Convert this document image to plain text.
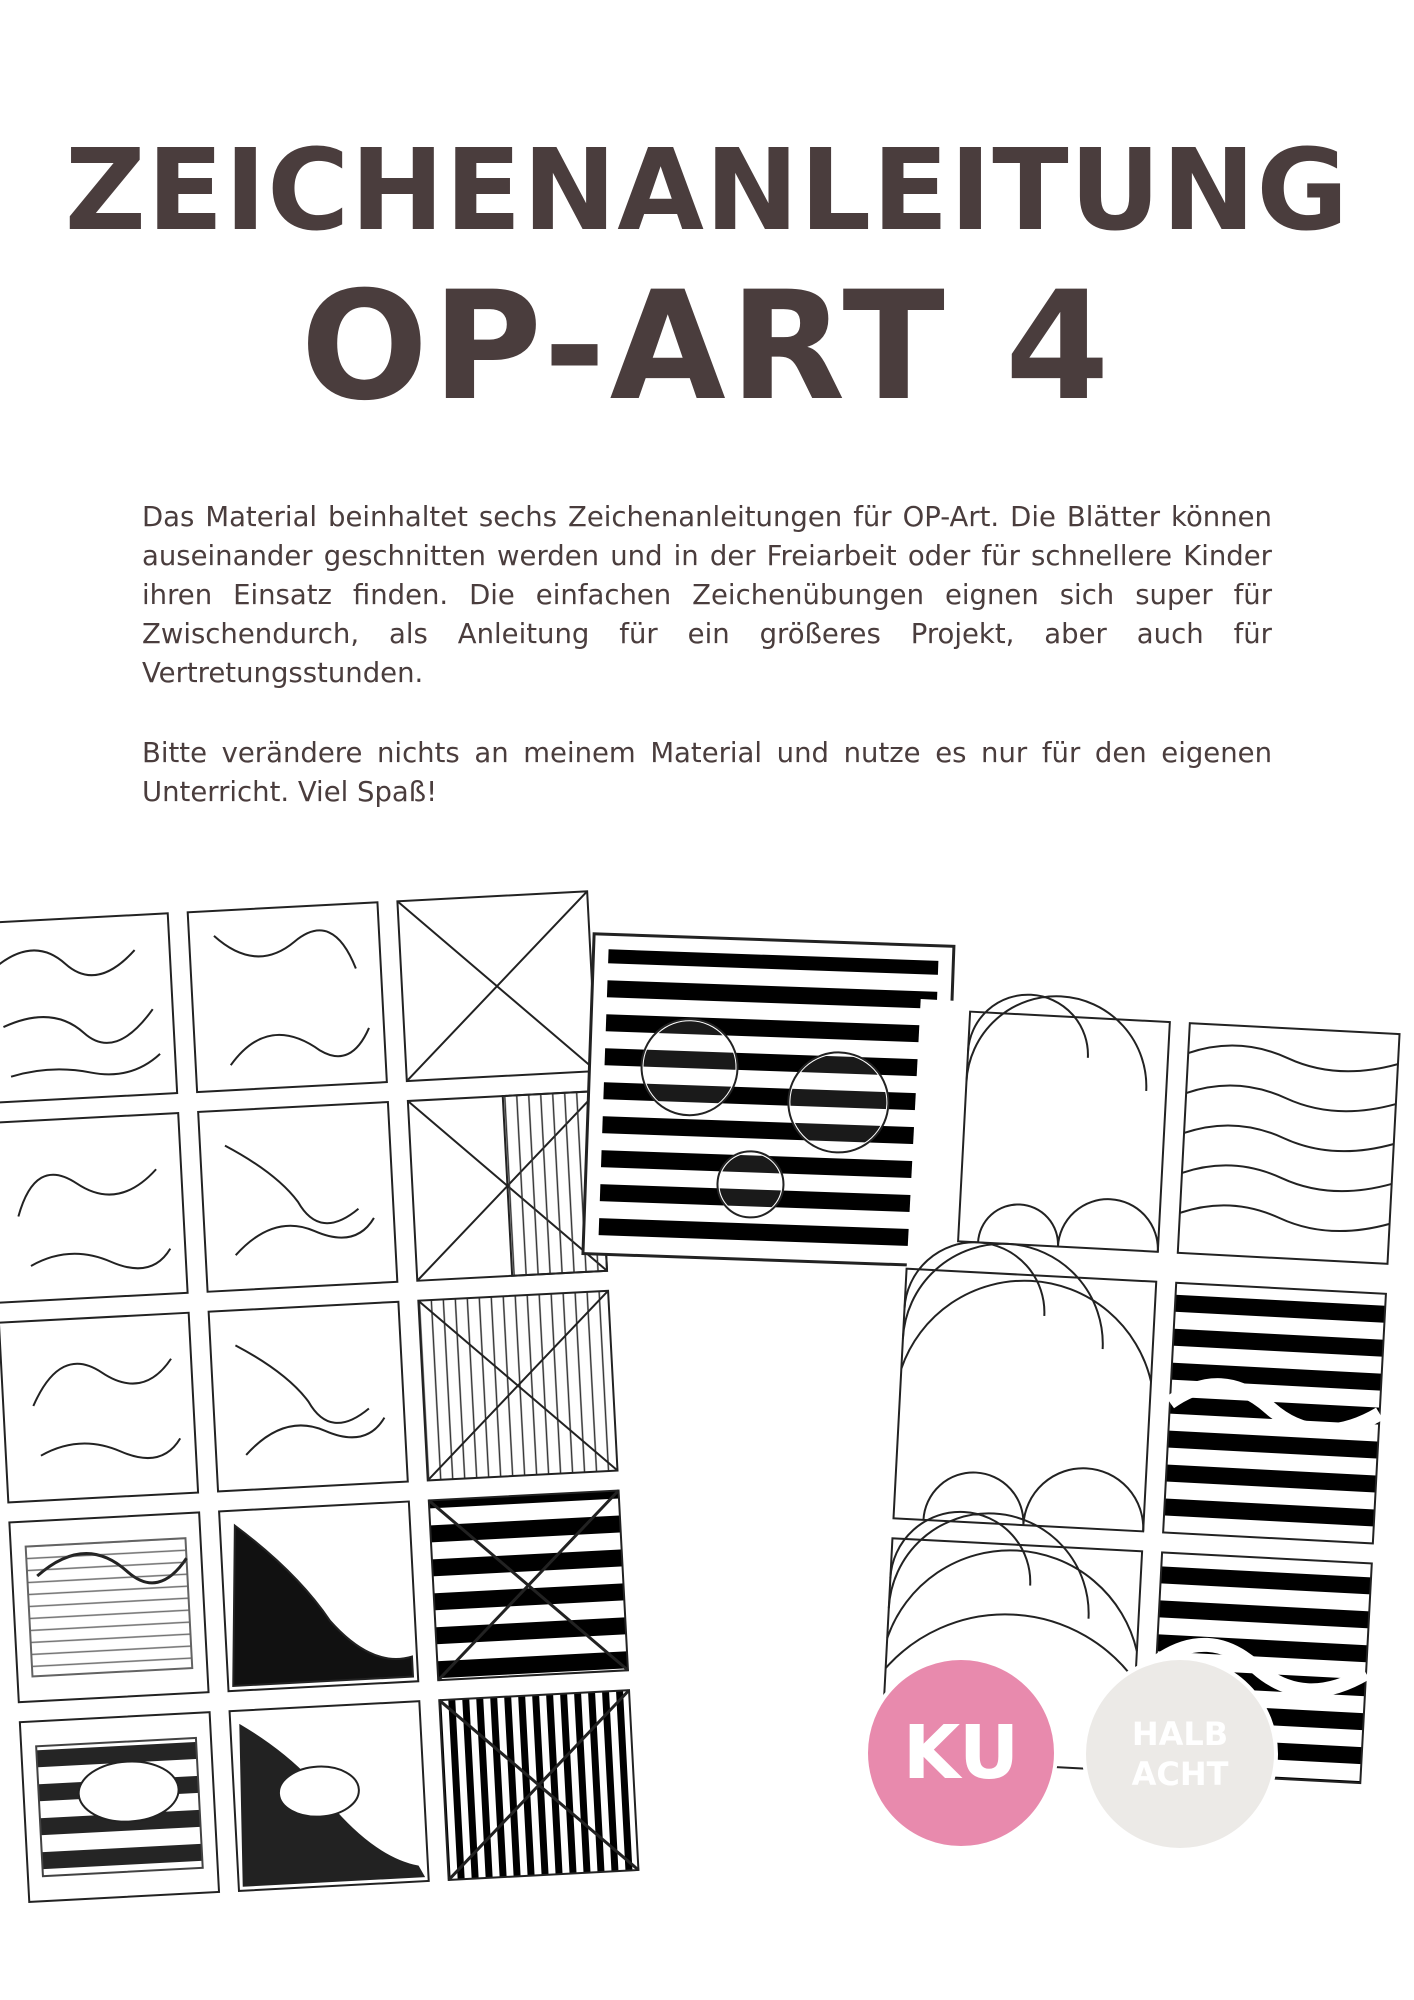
ZEICHENANLEITUNG
OP-ART 4

Das Material beinhaltet sechs Zeichenanleitungen für OP-Art. Die Blätter können auseinander geschnitten werden und in der Freiarbeit oder für schnellere Kinder ihren Einsatz finden. Die einfachen Zeichenübungen eignen sich super für Zwischendurch, als Anleitung für ein größeres Projekt, aber auch für Vertretungsstunden.

Bitte verändere nichts an meinem Material und nutze es nur für den eigenen Unterricht. Viel Spaß!

KU	HALB
ACHT
